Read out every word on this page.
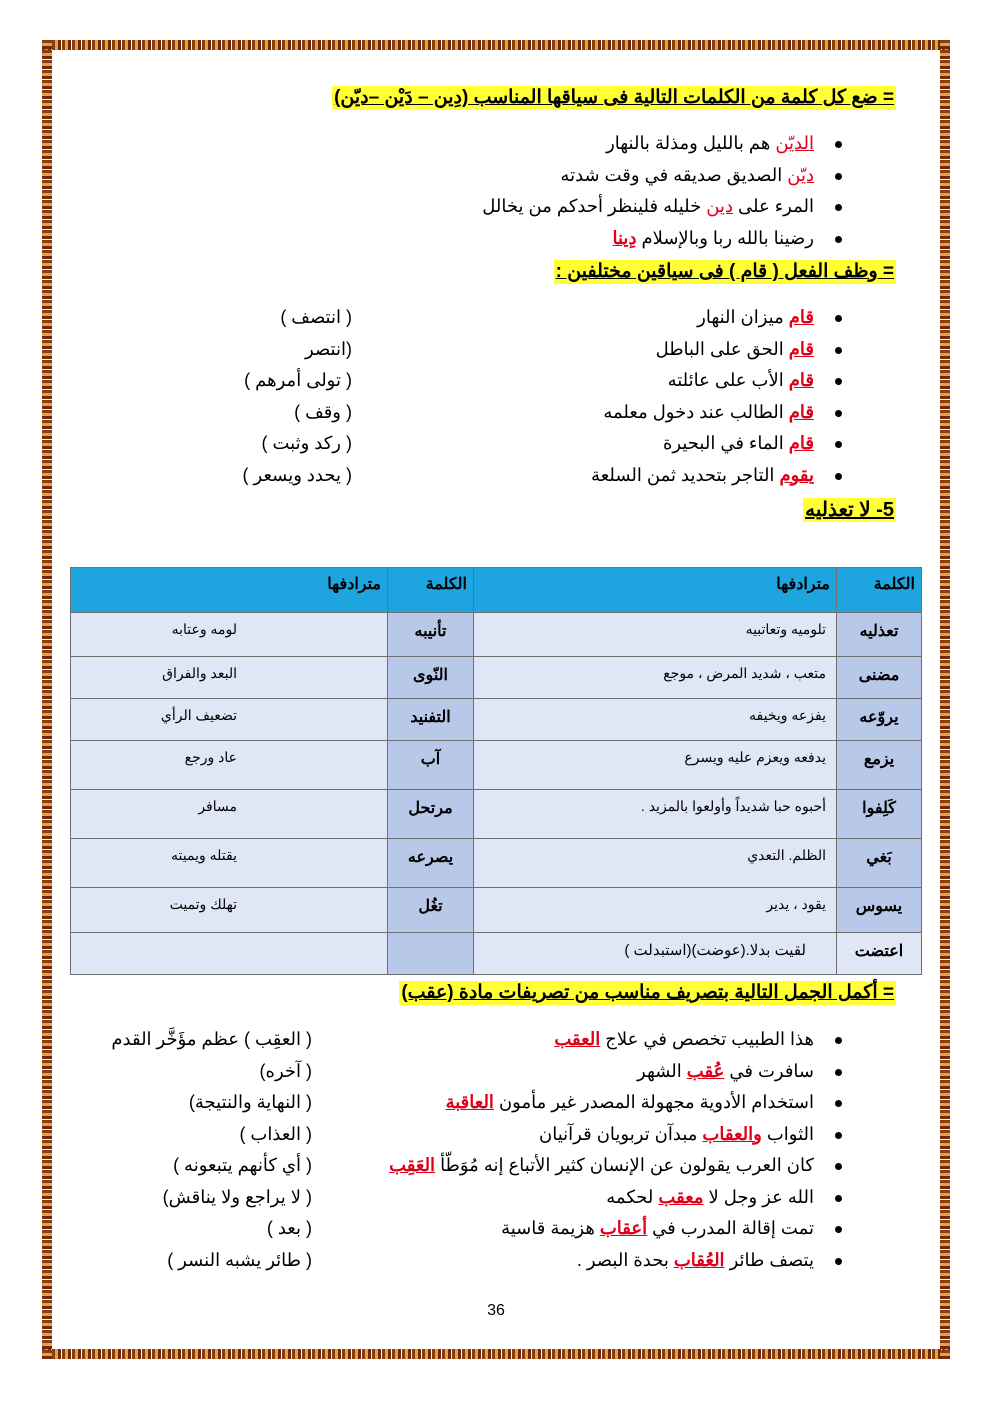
= ضع كل كلمة من الكلمات التالية فى سياقها المناسب (دِين – دَيْن –ديّن)
الديّن هم بالليل ومذلة بالنهار
ديّن الصديق صديقه في وقت شدته
المرء على دين خليله فلينظر أحدكم من يخالل
رضينا بالله ربا وبالإسلام دِينا
= وظف الفعل ( قام ) فى سياقين مختلفين :
قام ميزان النهار
قام الحق على الباطل
قام الأب على عائلته
قام الطالب عند دخول معلمه
قام الماء في البحيرة
يقوم التاجر بتحديد ثمن السلعة
( انتصف )
(انتصر
( تولى أمرهم )
( وقف )
( ركد وثبت )
( يحدد ويسعر )
5- لا تعذليه
الكلمة	مترادفها	الكلمة	مترادفها
تعذليه	تلوميه وتعاتبيه	تأنيبه	لومه وعتابه
مضنى	متعب ، شديد المرض ، موجع	النّوى	البعد والفراق
يروّعه	يفزعه ويخيفه	التفنيد	تضعيف الرأي
يزمع	يدفعه ويعزم عليه ويسرع	آب	عاد ورجع
كَلِفوا	أحبوه حبا شديداً وأولعوا بالمزيد .	مرتحل	مسافر
بَغي	الظلم. التعدي	يصرعه	يقتله ويميته
يسوس	يقود ، يدير	تغُل	تهلك وتميت
اعتضت	لقيت بدلا.(عوضت)(استبدلت )		
= أكمل الجمل التالية بتصريف مناسب من تصريفات مادة (عقب)
هذا الطبيب تخصص في علاج العقب
سافرت في عُقب الشهر
استخدام الأدوية مجهولة المصدر غير مأمون العاقبة
الثواب والعقاب مبدآن تربويان قرآنيان
كان العرب يقولون عن الإنسان كثير الأتباع إنه مُوَطّأ العَقِب
الله عز وجل لا معقب لحكمه
تمت إقالة المدرب في أعقاب هزيمة قاسية
يتصف طائر العُقاب بحدة البصر .
( العقِب ) عظم مؤَخَّر القدم
( آخره)
( النهاية والنتيجة)
( العذاب )
( أي كأنهم يتبعونه )
( لا يراجع ولا يناقش)
( بعد )
( طائر يشبه النسر )
36
